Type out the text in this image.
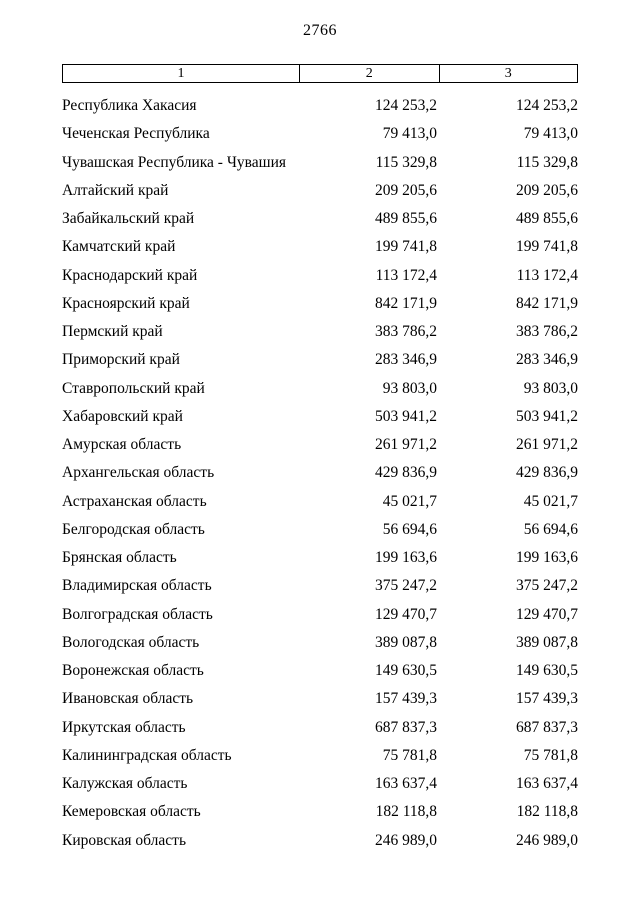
2766
1	2	3
Республика Хакасия	124 253,2	124 253,2
Чеченская Республика	79 413,0	79 413,0
Чувашская Республика - Чувашия	115 329,8	115 329,8
Алтайский край	209 205,6	209 205,6
Забайкальский край	489 855,6	489 855,6
Камчатский край	199 741,8	199 741,8
Краснодарский край	113 172,4	113 172,4
Красноярский край	842 171,9	842 171,9
Пермский край	383 786,2	383 786,2
Приморский край	283 346,9	283 346,9
Ставропольский край	93 803,0	93 803,0
Хабаровский край	503 941,2	503 941,2
Амурская область	261 971,2	261 971,2
Архангельская область	429 836,9	429 836,9
Астраханская область	45 021,7	45 021,7
Белгородская область	56 694,6	56 694,6
Брянская область	199 163,6	199 163,6
Владимирская область	375 247,2	375 247,2
Волгоградская область	129 470,7	129 470,7
Вологодская область	389 087,8	389 087,8
Воронежская область	149 630,5	149 630,5
Ивановская область	157 439,3	157 439,3
Иркутская область	687 837,3	687 837,3
Калининградская область	75 781,8	75 781,8
Калужская область	163 637,4	163 637,4
Кемеровская область	182 118,8	182 118,8
Кировская область	246 989,0	246 989,0
